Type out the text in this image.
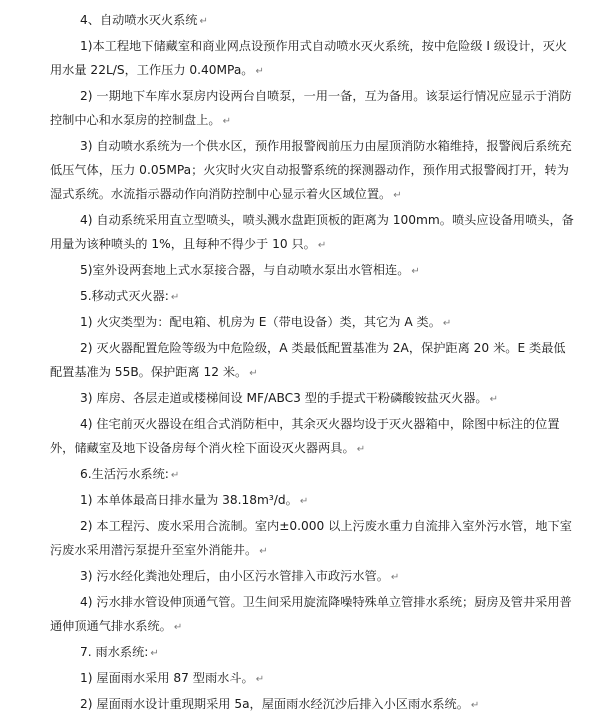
4、自动喷水灭火系统 ↵

1)本工程地下储藏室和商业网点设预作用式自动喷水灭火系统，按中危险级 I 级设计，灭火用水量 22L/S，工作压力 0.40MPa。 ↵

2) 一期地下车库水泵房内设两台自喷泵，一用一备，互为备用。该泵运行情况应显示于消防控制中心和水泵房的控制盘上。 ↵

3) 自动喷水系统为一个供水区，预作用报警阀前压力由屋顶消防水箱维持，报警阀后系统充低压气体，压力 0.05MPa；火灾时火灾自动报警系统的探测器动作，预作用式报警阀打开，转为湿式系统。水流指示器动作向消防控制中心显示着火区域位置。 ↵

4) 自动系统采用直立型喷头，喷头溅水盘距顶板的距离为 100mm。喷头应设备用喷头，备用量为该种喷头的 1%，且每种不得少于 10 只。 ↵

5)室外设两套地上式水泵接合器，与自动喷水泵出水管相连。 ↵

5.移动式灭火器: ↵

1) 火灾类型为：配电箱、机房为 E（带电设备）类，其它为 A 类。 ↵

2) 灭火器配置危险等级为中危险级，A 类最低配置基准为 2A，保护距离 20 米。E 类最低配置基准为 55B。保护距离 12 米。 ↵

3) 库房、各层走道或楼梯间设 MF/ABC3 型的手提式干粉磷酸铵盐灭火器。 ↵

4) 住宅前灭火器设在组合式消防柜中，其余灭火器均设于灭火器箱中，除图中标注的位置外，储藏室及地下设备房每个消火栓下面设灭火器两具。 ↵

6.生活污水系统: ↵

1) 本单体最高日排水量为 38.18m³/d。 ↵

2) 本工程污、废水采用合流制。室内±0.000 以上污废水重力自流排入室外污水管，地下室污废水采用潜污泵提升至室外消能井。 ↵

3) 污水经化粪池处理后，由小区污水管排入市政污水管。 ↵

4) 污水排水管设伸顶通气管。卫生间采用旋流降噪特殊单立管排水系统；厨房及管井采用普通伸顶通气排水系统。 ↵

7. 雨水系统: ↵

1) 屋面雨水采用 87 型雨水斗。 ↵

2) 屋面雨水设计重现期采用 5a，屋面雨水经沉沙后排入小区雨水系统。 ↵
